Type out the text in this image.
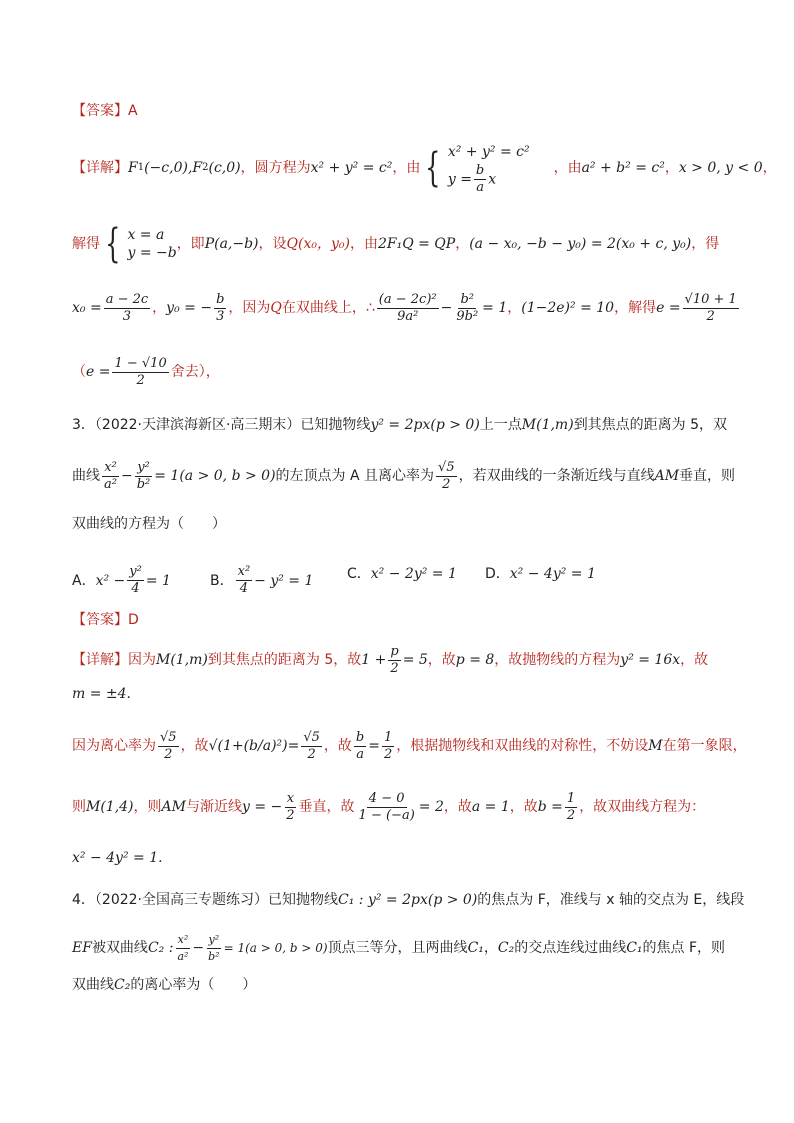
【答案】A
【详解】 F 1 (−c,0), F 2 (c,0) ，圆方程为 x² + y² = c² ，由 { x² + y² = c²
$y = \frac{b}{a}$ x
，由 a² + b² = c² ， x > 0, y < 0 ，
解得 { x = a
y = −b
，即 P(a,−b) ，设 Q(x₀，y₀) ，由 2F₁Q = QP ， (a − x₀, −b − y₀) = 2(x₀ + c, y₀) ，得
$x_0 = \frac{a - 2c}{3}$ ， y₀ = − $\frac{b}{3}$ ，因为 Q 在双曲线上，∴ $\frac{\text{(a − 2c)²}}{\text{9a²}} - \frac{\text{b²}}{\text{9b²}} = 1$ ， (1−2e)² = 10 ，解得 $e = \frac{√10 + 1}{2}$
（ $e = \frac{1 - √10}{2}$ 舍去），
3．（2022·天津滨海新区·高三期末）已知抛物线 y² = 2px(p > 0) 上一点 M(1,m) 到其焦点的距离为 5，双
曲线 $\frac{\text{x²}}{\text{a²}} - \frac{\text{y²}}{\text{b²}} = 1(a > 0$, b > 0) 的左顶点为 A 且离心率为 $\frac{√5}{2}$ ，若双曲线的一条渐近线与直线 AM 垂直，则
双曲线的方程为（　　）
A． $x^2 - \frac{\text{y²}}{4} = 1$	B． $\frac{\text{x²}}{4} - y^2 = 1$ C． x² − 2y² = 1 D． x² − 4y² = 1
【答案】D
【详解】 因为 M(1,m) 到其焦点的距离为 5，故 $1 + \frac{p}{2} = 5$ ，故 p = 8 ，故抛物线的方程为 y² = 16x ，故
m = ±4.
因为离心率为 $\frac{√5}{2}$ ，故 $√(1+(b/a)^2) = \frac{√5}{2}$ ，故 $\frac{b}{a} = \frac{1}{2}$ ，根据抛物线和双曲线的对称性，不妨设 M 在第一象限，
则 M(1,4) ，则 AM 与渐近线 y = − $\frac{x}{2}$ 垂直，故 $\frac{4 - 0}{1 - (-a)} = 2$ ，故 a = 1 ，故 $b = \frac{1}{2}$ ，故双曲线方程为：
x² − 4y² = 1.
4．（2022·全国高三专题练习）已知抛物线 C₁ : y² = 2px(p > 0) 的焦点为 F，准线与 x 轴的交点为 E，线段
EF 被双曲线 C₂ : $\frac{\text{x²}}{\text{a²}} - \frac{\text{y²}}{\text{b²}} = 1(a > 0$, b > 0) 顶点三等分，且两曲线 C₁ ， C₂ 的交点连线过曲线 C₁ 的焦点 F，则
双曲线 C₂ 的离心率为（　　）
